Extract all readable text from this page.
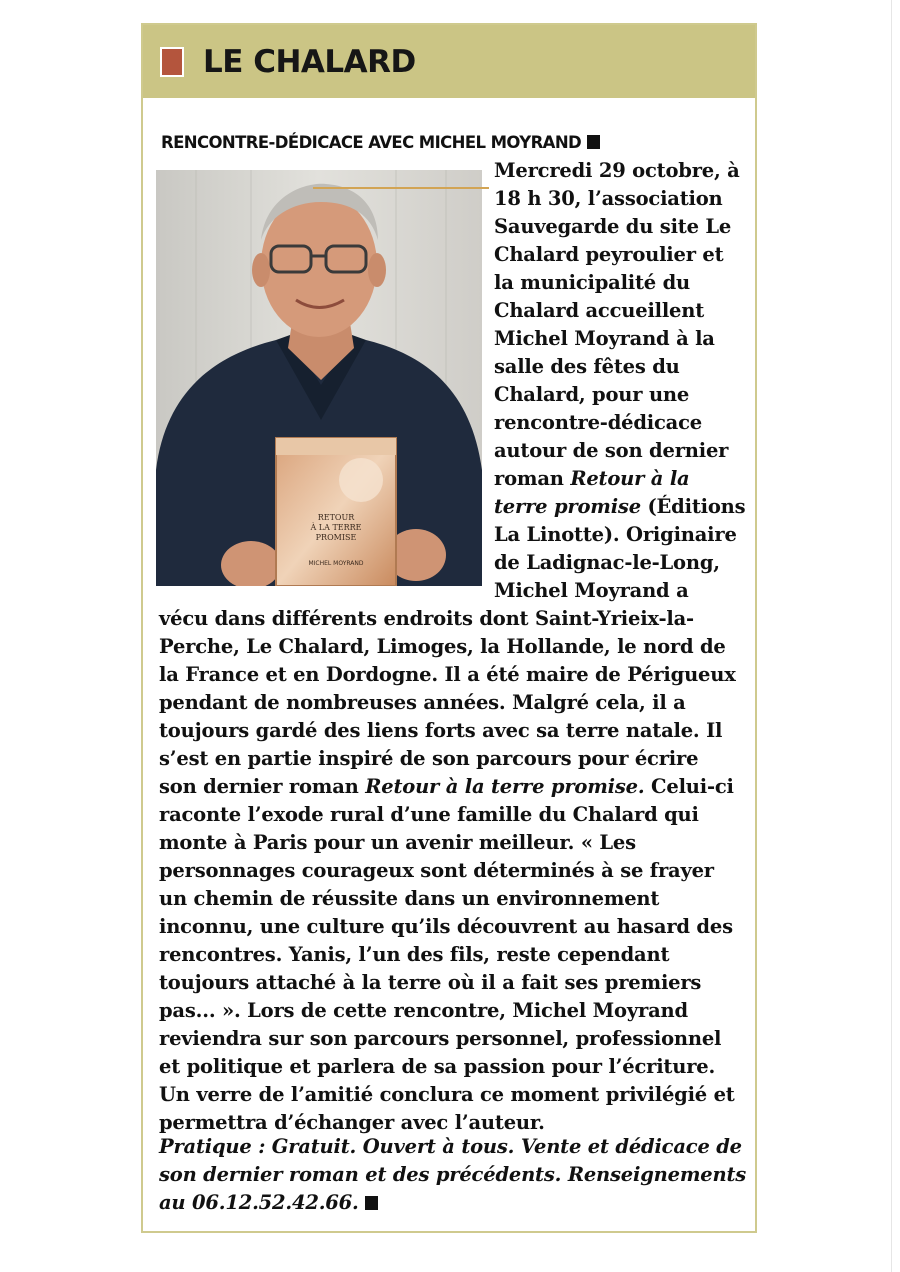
LE CHALARD
RENCONTRE-DÉDICACE AVEC MICHEL MOYRAND
RETOUR
À LA TERRE
PROMISE
MICHEL MOYRAND
Mercredi 29 octobre, à
18 h 30, l’association
Sauvegarde du site Le
Chalard peyroulier et
la municipalité du
Chalard accueillent
Michel Moyrand à la
salle des fêtes du
Chalard, pour une
rencontre-dédicace
autour de son dernier
roman Retour à la
terre promise (Éditions
La Linotte). Originaire
de Ladignac-le-Long,
Michel Moyrand a
vécu dans différents endroits dont Saint-Yrieix-la-
Perche, Le Chalard, Limoges, la Hollande, le nord de
la France et en Dordogne. Il a été maire de Périgueux
pendant de nombreuses années. Malgré cela, il a
toujours gardé des liens forts avec sa terre natale. Il
s’est en partie inspiré de son parcours pour écrire
son dernier roman Retour à la terre promise. Celui-ci
raconte l’exode rural d’une famille du Chalard qui
monte à Paris pour un avenir meilleur. « Les
personnages courageux sont déterminés à se frayer
un chemin de réussite dans un environnement
inconnu, une culture qu’ils découvrent au hasard des
rencontres. Yanis, l’un des fils, reste cependant
toujours attaché à la terre où il a fait ses premiers
pas... ». Lors de cette rencontre, Michel Moyrand
reviendra sur son parcours personnel, professionnel
et politique et parlera de sa passion pour l’écriture.
Un verre de l’amitié conclura ce moment privilégié et
permettra d’échanger avec l’auteur.
Pratique : Gratuit. Ouvert à tous. Vente et dédicace de
son dernier roman et des précédents. Renseignements
au 06.12.52.42.66.
